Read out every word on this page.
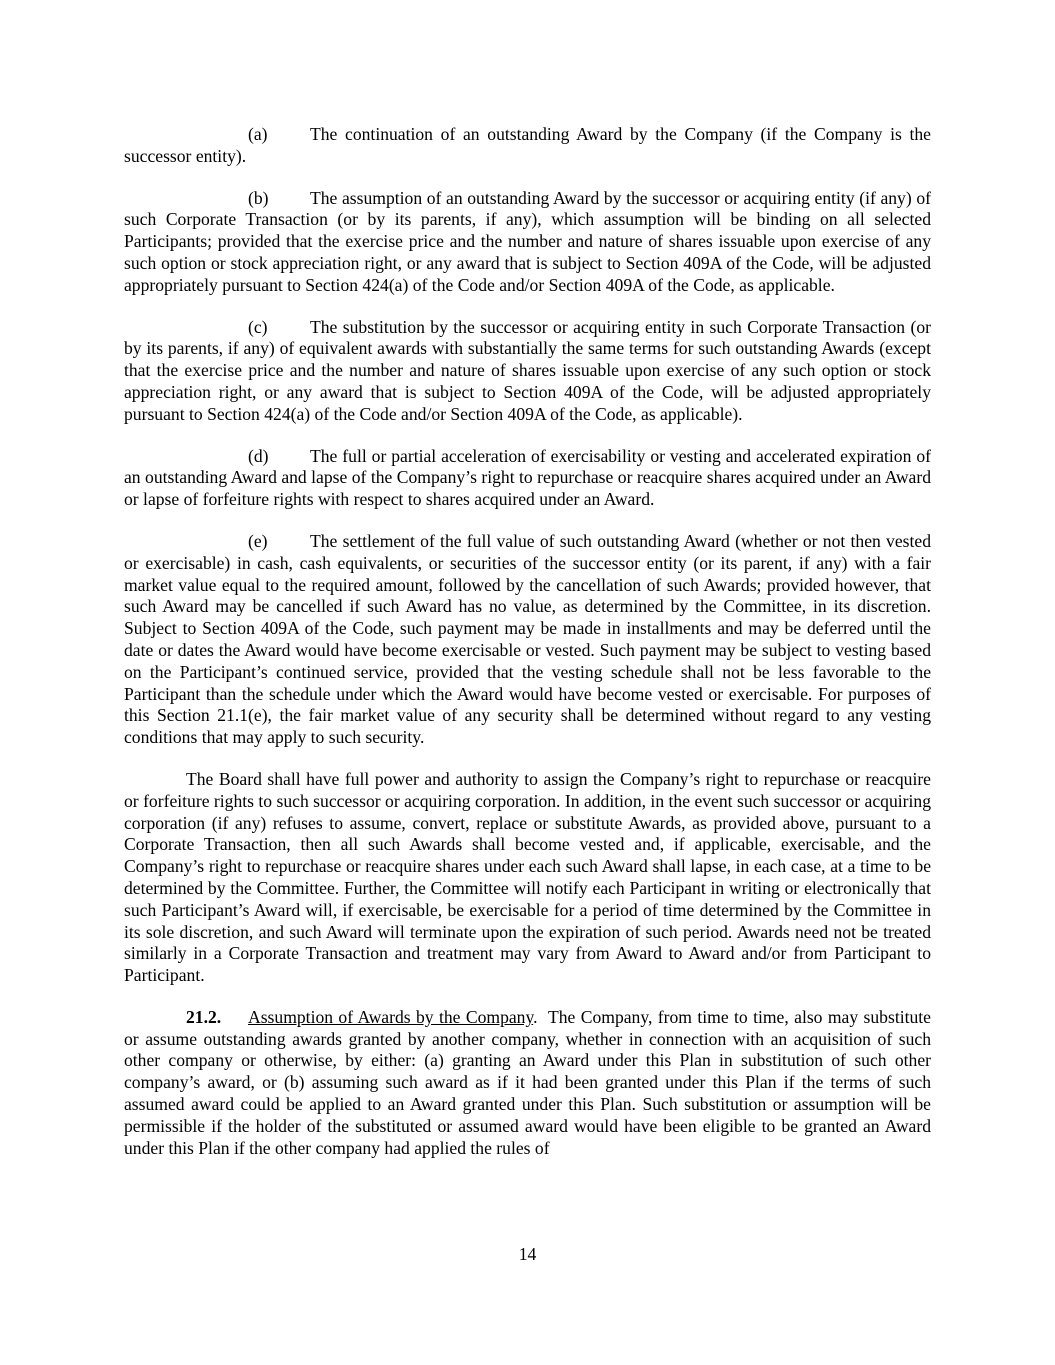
(a) The continuation of an outstanding Award by the Company (if the Company is the successor entity).

(b) The assumption of an outstanding Award by the successor or acquiring entity (if any) of such Corporate Transaction (or by its parents, if any), which assumption will be binding on all selected Participants; provided that the exercise price and the number and nature of shares issuable upon exercise of any such option or stock appreciation right, or any award that is subject to Section 409A of the Code, will be adjusted appropriately pursuant to Section 424(a) of the Code and/or Section 409A of the Code, as applicable.

(c) The substitution by the successor or acquiring entity in such Corporate Transaction (or by its parents, if any) of equivalent awards with substantially the same terms for such outstanding Awards (except that the exercise price and the number and nature of shares issuable upon exercise of any such option or stock appreciation right, or any award that is subject to Section 409A of the Code, will be adjusted appropriately pursuant to Section 424(a) of the Code and/or Section 409A of the Code, as applicable).

(d) The full or partial acceleration of exercisability or vesting and accelerated expiration of an outstanding Award and lapse of the Company’s right to repurchase or reacquire shares acquired under an Award or lapse of forfeiture rights with respect to shares acquired under an Award.

(e) The settlement of the full value of such outstanding Award (whether or not then vested or exercisable) in cash, cash equivalents, or securities of the successor entity (or its parent, if any) with a fair market value equal to the required amount, followed by the cancellation of such Awards; provided however, that such Award may be cancelled if such Award has no value, as determined by the Committee, in its discretion. Subject to Section 409A of the Code, such payment may be made in installments and may be deferred until the date or dates the Award would have become exercisable or vested. Such payment may be subject to vesting based on the Participant’s continued service, provided that the vesting schedule shall not be less favorable to the Participant than the schedule under which the Award would have become vested or exercisable. For purposes of this Section 21.1(e), the fair market value of any security shall be determined without regard to any vesting conditions that may apply to such security.

The Board shall have full power and authority to assign the Company’s right to repurchase or reacquire or forfeiture rights to such successor or acquiring corporation. In addition, in the event such successor or acquiring corporation (if any) refuses to assume, convert, replace or substitute Awards, as provided above, pursuant to a Corporate Transaction, then all such Awards shall become vested and, if applicable, exercisable, and the Company’s right to repurchase or reacquire shares under each such Award shall lapse, in each case, at a time to be determined by the Committee. Further, the Committee will notify each Participant in writing or electronically that such Participant’s Award will, if exercisable, be exercisable for a period of time determined by the Committee in its sole discretion, and such Award will terminate upon the expiration of such period. Awards need not be treated similarly in a Corporate Transaction and treatment may vary from Award to Award and/or from Participant to Participant.

21.2. Assumption of Awards by the Company. The Company, from time to time, also may substitute or assume outstanding awards granted by another company, whether in connection with an acquisition of such other company or otherwise, by either: (a) granting an Award under this Plan in substitution of such other company’s award, or (b) assuming such award as if it had been granted under this Plan if the terms of such assumed award could be applied to an Award granted under this Plan. Such substitution or assumption will be permissible if the holder of the substituted or assumed award would have been eligible to be granted an Award under this Plan if the other company had applied the rules of

14
